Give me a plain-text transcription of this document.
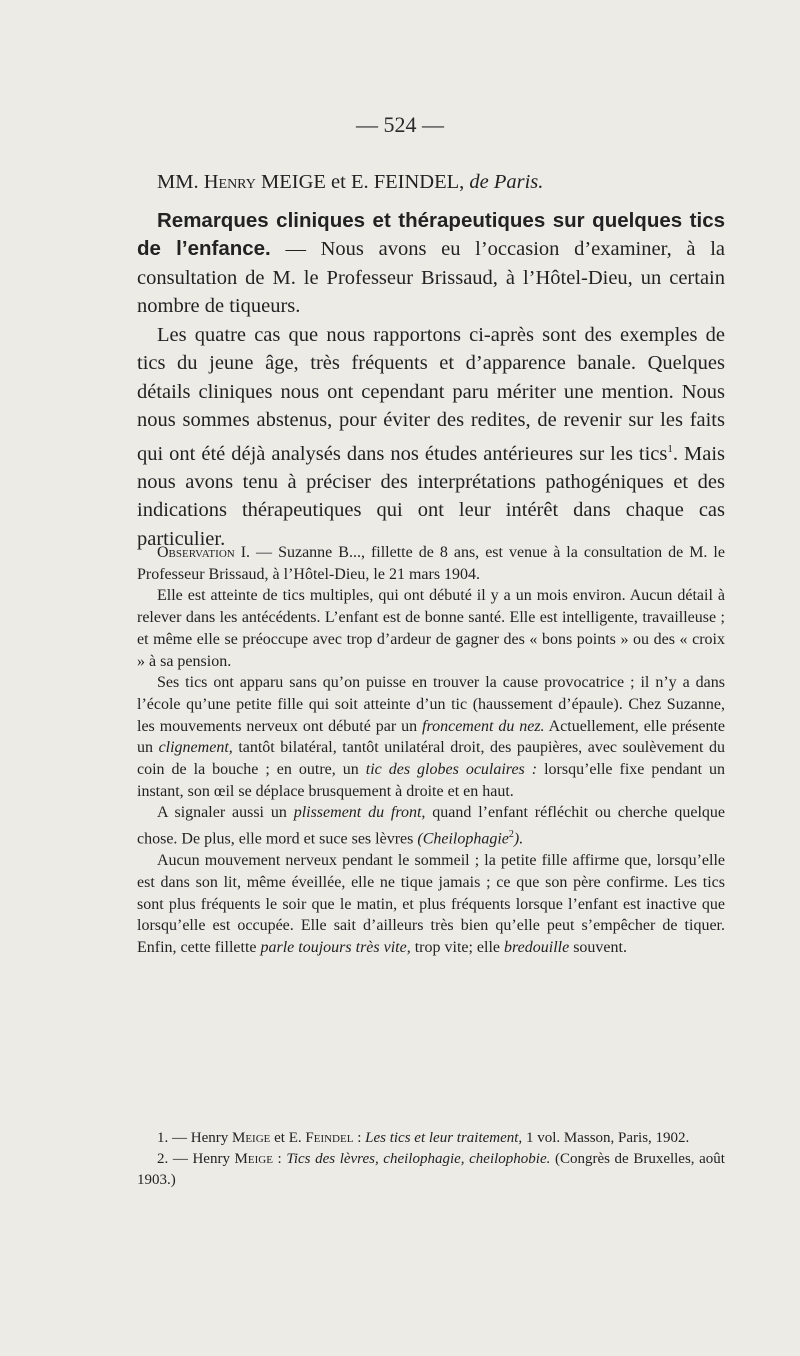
— 524 —

MM. Henry MEIGE et E. FEINDEL, de Paris.

Remarques cliniques et thérapeutiques sur quelques tics de l’enfance. — Nous avons eu l’occasion d’examiner, à la consultation de M. le Professeur Brissaud, à l’Hôtel-Dieu, un certain nombre de tiqueurs.

Les quatre cas que nous rapportons ci-après sont des exemples de tics du jeune âge, très fréquents et d’apparence banale. Quelques détails cliniques nous ont cependant paru mériter une mention. Nous nous sommes abstenus, pour éviter des redites, de revenir sur les faits qui ont été déjà analysés dans nos études antérieures sur les tics$^1$. Mais nous avons tenu à préciser des interprétations pathogéniques et des indications thérapeutiques qui ont leur intérêt dans chaque cas particulier.

Observation I. — Suzanne B..., fillette de 8 ans, est venue à la consultation de M. le Professeur Brissaud, à l’Hôtel-Dieu, le 21 mars 1904.

Elle est atteinte de tics multiples, qui ont débuté il y a un mois environ. Aucun détail à relever dans les antécédents. L’enfant est de bonne santé. Elle est intelligente, travailleuse ; et même elle se préoccupe avec trop d’ardeur de gagner des « bons points » ou des « croix » à sa pension.

Ses tics ont apparu sans qu’on puisse en trouver la cause provocatrice ; il n’y a dans l’école qu’une petite fille qui soit atteinte d’un tic (haussement d’épaule). Chez Suzanne, les mouvements nerveux ont débuté par un froncement du nez. Actuellement, elle présente un clignement, tantôt bilatéral, tantôt unilatéral droit, des paupières, avec soulèvement du coin de la bouche ; en outre, un tic des globes oculaires : lorsqu’elle fixe pendant un instant, son œil se déplace brusquement à droite et en haut.

A signaler aussi un plissement du front, quand l’enfant réfléchit ou cherche quelque chose. De plus, elle mord et suce ses lèvres (Cheilophagie$^2$).

Aucun mouvement nerveux pendant le sommeil ; la petite fille affirme que, lorsqu’elle est dans son lit, même éveillée, elle ne tique jamais ; ce que son père confirme. Les tics sont plus fréquents le soir que le matin, et plus fréquents lorsque l’enfant est inactive que lorsqu’elle est occupée. Elle sait d’ailleurs très bien qu’elle peut s’empêcher de tiquer. Enfin, cette fillette parle toujours très vite, trop vite; elle bredouille souvent.

1. — Henry Meige et E. Feindel : Les tics et leur traitement, 1 vol. Masson, Paris, 1902.

2. — Henry Meige : Tics des lèvres, cheilophagie, cheilophobie. (Congrès de Bruxelles, août 1903.)
